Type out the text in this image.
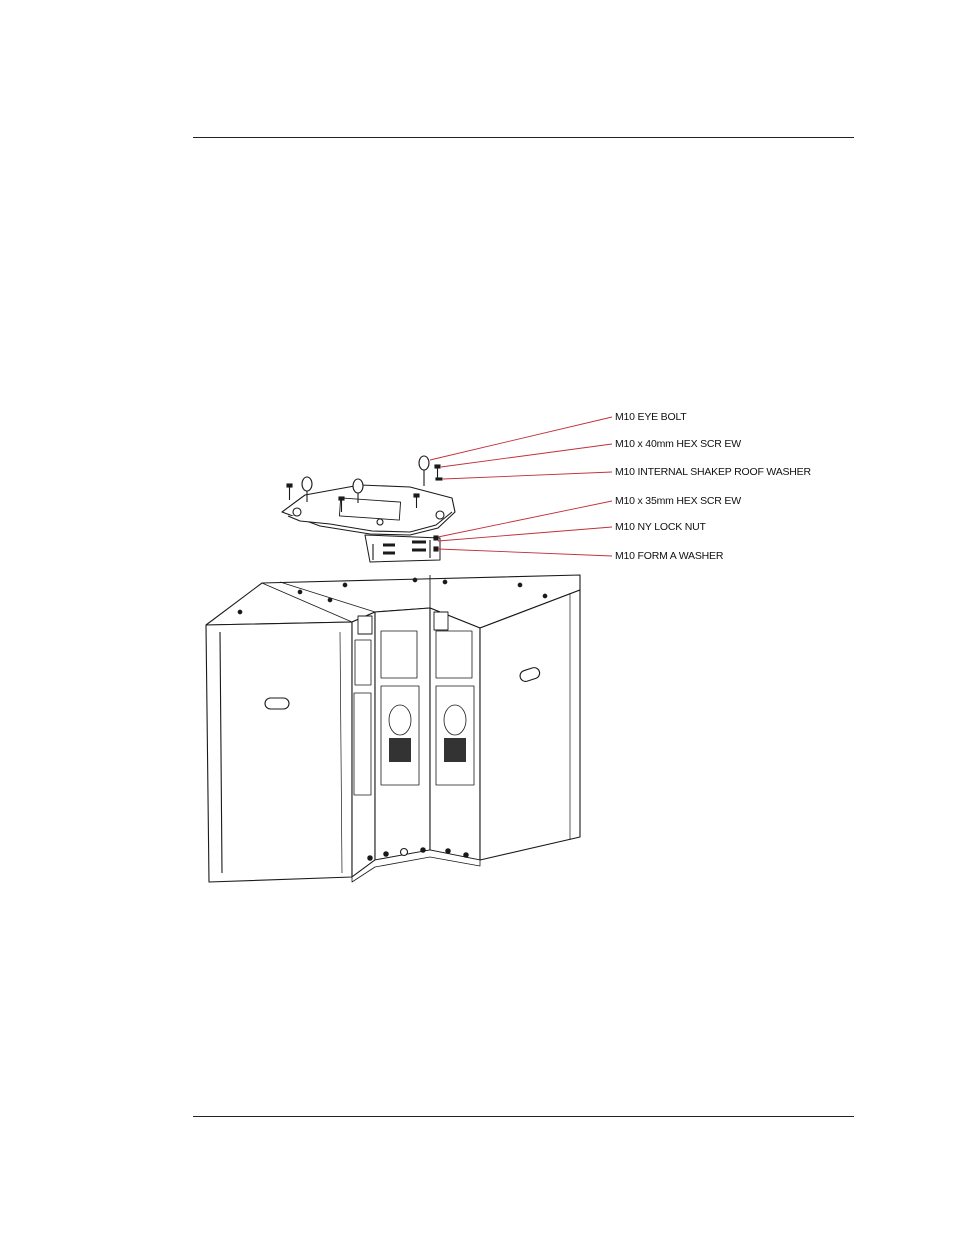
M10 EYE BOLT
M10 x 40mm HEX SCR EW
M10 INTERNAL SHAKEP ROOF WASHER
M10 x 35mm HEX SCR EW
M10 NY LOCK NUT
M10 FORM A WASHER
